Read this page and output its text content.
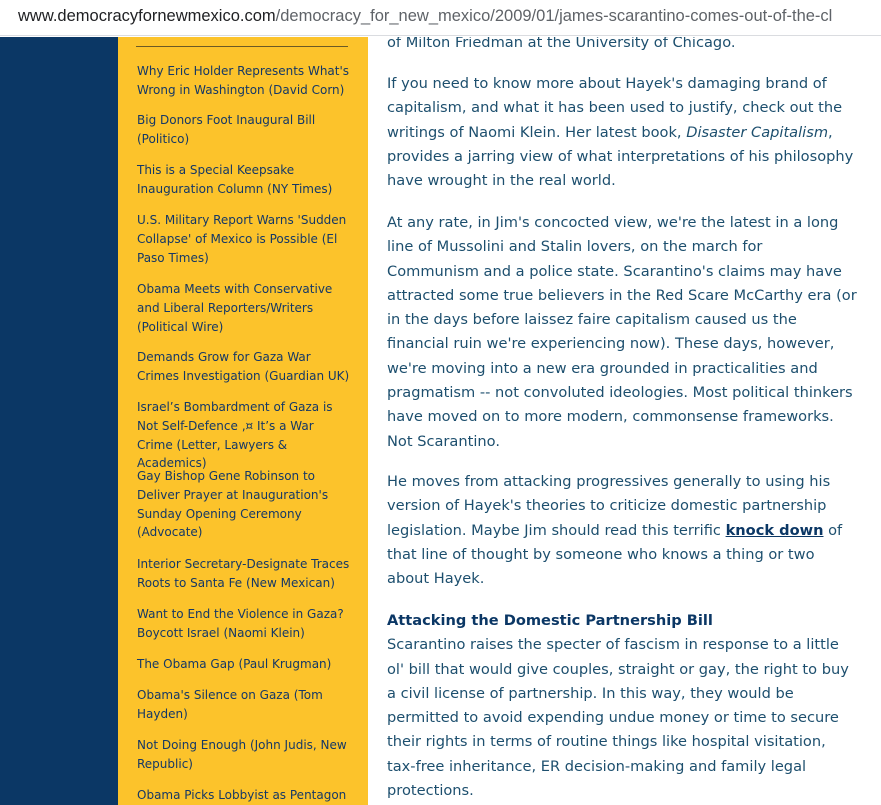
www.democracyfornewmexico.com/democracy_for_new_mexico/2009/01/james-scarantino-comes-out-of-the-cl
Why Eric Holder Represents What's Wrong in Washington (David Corn)
Big Donors Foot Inaugural Bill (Politico)
This is a Special Keepsake Inauguration Column (NY Times)
U.S. Military Report Warns 'Sudden Collapse' of Mexico is Possible (El Paso Times)
Obama Meets with Conservative and Liberal Reporters/Writers (Political Wire)
Demands Grow for Gaza War Crimes Investigation (Guardian UK)
Israel’s Bombardment of Gaza is Not Self-Defence ‚¤ It’s a War Crime (Letter, Lawyers & Academics)
Gay Bishop Gene Robinson to Deliver Prayer at Inauguration's Sunday Opening Ceremony (Advocate)
Interior Secretary-Designate Traces Roots to Santa Fe (New Mexican)
Want to End the Violence in Gaza? Boycott Israel (Naomi Klein)
The Obama Gap (Paul Krugman)
Obama's Silence on Gaza (Tom Hayden)
Not Doing Enough (John Judis, New Republic)
Obama Picks Lobbyist as Pentagon

of Milton Friedman at the University of Chicago.

If you need to know more about Hayek's damaging brand of capitalism, and what it has been used to justify, check out the writings of Naomi Klein. Her latest book, Disaster Capitalism, provides a jarring view of what interpretations of his philosophy have wrought in the real world.

At any rate, in Jim's concocted view, we're the latest in a long line of Mussolini and Stalin lovers, on the march for Communism and a police state. Scarantino's claims may have attracted some true believers in the Red Scare McCarthy era (or in the days before laissez faire capitalism caused us the financial ruin we're experiencing now). These days, however, we're moving into a new era grounded in practicalities and pragmatism -- not convoluted ideologies. Most political thinkers have moved on to more modern, commonsense frameworks. Not Scarantino.

He moves from attacking progressives generally to using his version of Hayek's theories to criticize domestic partnership legislation. Maybe Jim should read this terrific knock down of that line of thought by someone who knows a thing or two about Hayek.

Attacking the Domestic Partnership Bill
Scarantino raises the specter of fascism in response to a little ol' bill that would give couples, straight or gay, the right to buy a civil license of partnership. In this way, they would be permitted to avoid expending undue money or time to secure their rights in terms of routine things like hospital visitation, tax-free inheritance, ER decision-making and family legal protections.
